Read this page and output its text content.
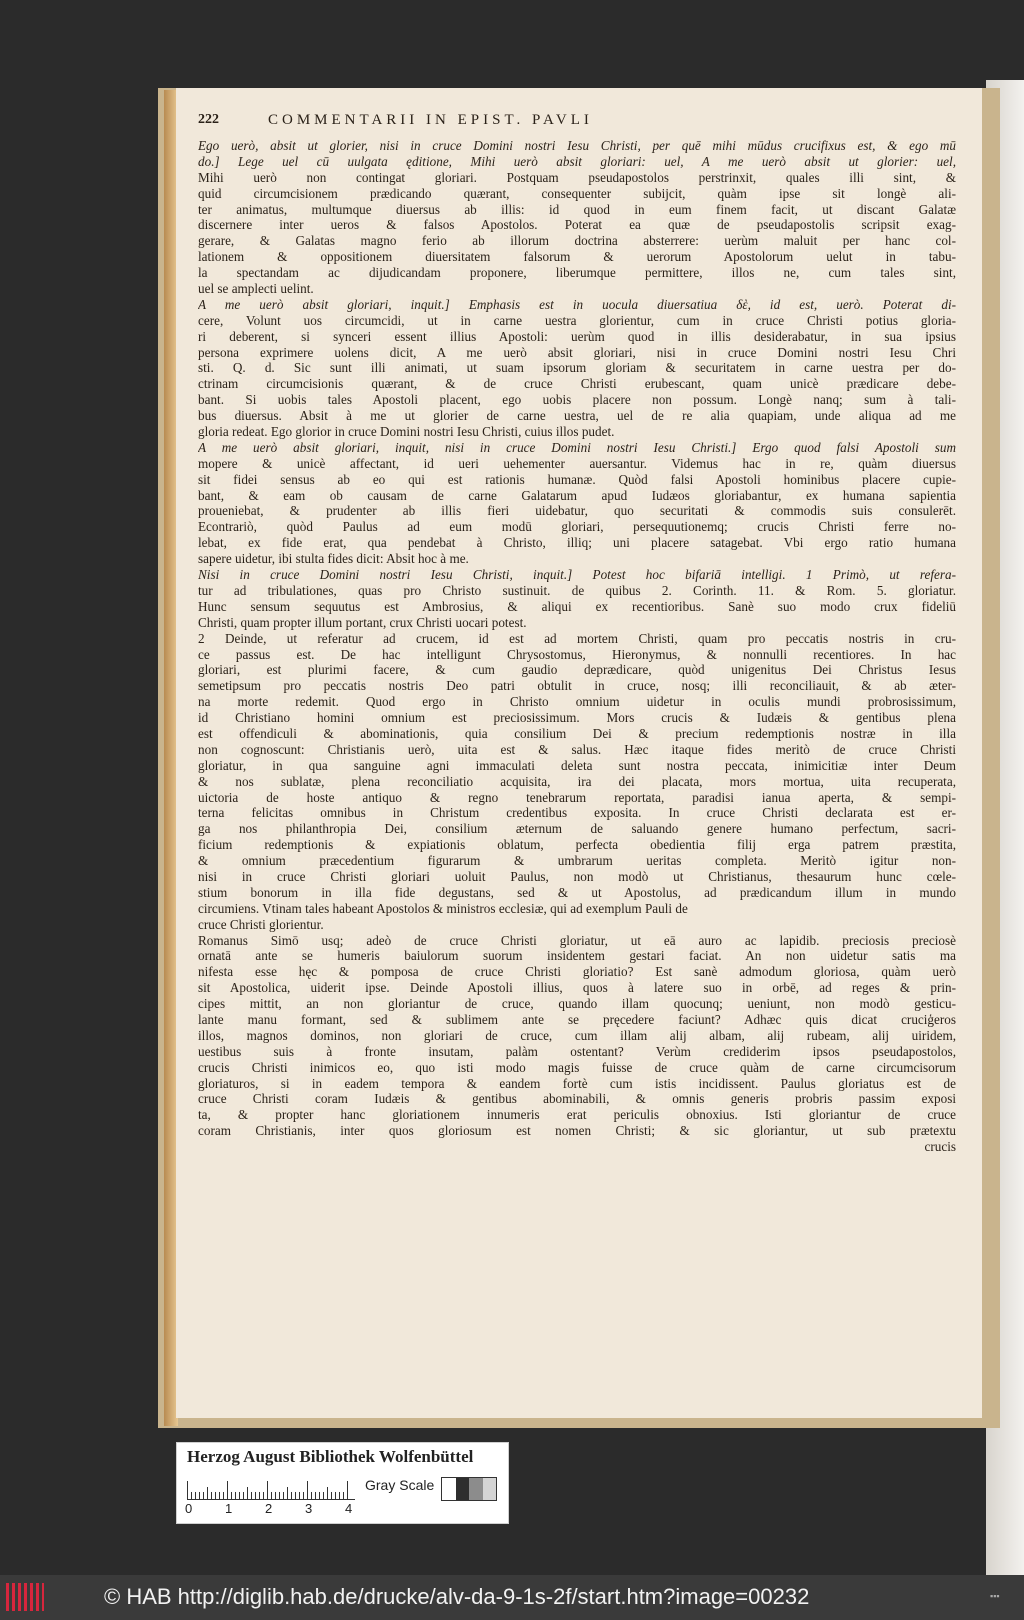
222	COMMENTARII IN EPIST. PAVLI
Ego uerò, absit ut glorier, nisi in cruce Domini nostri Iesu Christi, per quē mihi mūdus crucifixus est, & ego mū
do.] Lege uel cū uulgata ęditione, Mihi uerò absit gloriari: uel, A me uerò absit ut glorier: uel,
Mihi uerò non contingat gloriari. Postquam pseudapostolos perstrinxit, quales illi sint, &
quid circumcisionem prædicando quærant, consequenter subijcit, quàm ipse sit longè ali-
ter animatus, multumque diuersus ab illis: id quod in eum finem facit, ut discant Galatæ
discernere inter ueros & falsos Apostolos. Poterat ea quæ de pseudapostolis scripsit exag-
gerare, & Galatas magno ferio ab illorum doctrina absterrere: uerùm maluit per hanc col-
lationem & oppositionem diuersitatem falsorum & uerorum Apostolorum uelut in tabu-
la spectandam ac dijudicandam proponere, liberumque permittere, illos ne, cum tales sint,
uel se amplecti uelint.
A me uerò absit gloriari, inquit.] Emphasis est in uocula diuersatiua δὲ, id est, uerò. Poterat di-
cere, Volunt uos circumcidi, ut in carne uestra glorientur, cum in cruce Christi potius gloria-
ri deberent, si synceri essent illius Apostoli: uerùm quod in illis desiderabatur, in sua ipsius
persona exprimere uolens dicit, A me uerò absit gloriari, nisi in cruce Domini nostri Iesu Chri
sti. Q. d. Sic sunt illi animati, ut suam ipsorum gloriam & securitatem in carne uestra per do-
ctrinam circumcisionis quærant, & de cruce Christi erubescant, quam unicè prædicare debe-
bant. Si uobis tales Apostoli placent, ego uobis placere non possum. Longè nanq; sum à tali-
bus diuersus. Absit à me ut glorier de carne uestra, uel de re alia quapiam, unde aliqua ad me
gloria redeat. Ego glorior in cruce Domini nostri Iesu Christi, cuius illos pudet.
A me uerò absit gloriari, inquit, nisi in cruce Domini nostri Iesu Christi.] Ergo quod falsi Apostoli sum
mopere & unicè affectant, id ueri uehementer auersantur. Videmus hac in re, quàm diuersus
sit fidei sensus ab eo qui est rationis humanæ. Quòd falsi Apostoli hominibus placere cupie-
bant, & eam ob causam de carne Galatarum apud Iudæos gloriabantur, ex humana sapientia
proueniebat, & prudenter ab illis fieri uidebatur, quo securitati & commodis suis consulerēt.
Econtrariò, quòd Paulus ad eum modū gloriari, persequutionemq; crucis Christi ferre no-
lebat, ex fide erat, qua pendebat à Christo, illiq; uni placere satagebat. Vbi ergo ratio humana
sapere uidetur, ibi stulta fides dicit: Absit hoc à me.
Nisi in cruce Domini nostri Iesu Christi, inquit.] Potest hoc bifariā intelligi. 1 Primò, ut refera-
tur ad tribulationes, quas pro Christo sustinuit. de quibus 2. Corinth. 11. & Rom. 5. gloriatur.
Hunc sensum sequutus est Ambrosius, & aliqui ex recentioribus. Sanè suo modo crux fideliū
Christi, quam propter illum portant, crux Christi uocari potest.
2 Deinde, ut referatur ad crucem, id est ad mortem Christi, quam pro peccatis nostris in cru-
ce passus est. De hac intelligunt Chrysostomus, Hieronymus, & nonnulli recentiores. In hac
gloriari, est plurimi facere, & cum gaudio deprædicare, quòd unigenitus Dei Christus Iesus
semetipsum pro peccatis nostris Deo patri obtulit in cruce, nosq; illi reconciliauit, & ab æter-
na morte redemit. Quod ergo in Christo omnium uidetur in oculis mundi probrosissimum,
id Christiano homini omnium est preciosissimum. Mors crucis & Iudæis & gentibus plena
est offendiculi & abominationis, quia consilium Dei & precium redemptionis nostræ in illa
non cognoscunt: Christianis uerò, uita est & salus. Hæc itaque fides meritò de cruce Christi
gloriatur, in qua sanguine agni immaculati deleta sunt nostra peccata, inimicitiæ inter Deum
& nos sublatæ, plena reconciliatio acquisita, ira dei placata, mors mortua, uita recuperata,
uictoria de hoste antiquo & regno tenebrarum reportata, paradisi ianua aperta, & sempi-
terna felicitas omnibus in Christum credentibus exposita. In cruce Christi declarata est er-
ga nos philanthropia Dei, consilium æternum de saluando genere humano perfectum, sacri-
ficium redemptionis & expiationis oblatum, perfecta obedientia filij erga patrem præstita,
& omnium præcedentium figurarum & umbrarum ueritas completa. Meritò igitur non-
nisi in cruce Christi gloriari uoluit Paulus, non modò ut Christianus, thesaurum hunc cœle-
stium bonorum in illa fide degustans, sed & ut Apostolus, ad prædicandum illum in mundo
circumiens. Vtinam tales habeant Apostolos & ministros ecclesiæ, qui ad exemplum Pauli de
cruce Christi glorientur.
Romanus Simō usq; adeò de cruce Christi gloriatur, ut eā auro ac lapidib. preciosis preciosè
ornatā ante se humeris baiulorum suorum insidentem gestari faciat. An non uidetur satis ma
nifesta esse hęc & pomposa de cruce Christi gloriatio? Est sanè admodum gloriosa, quàm uerò
sit Apostolica, uiderit ipse. Deinde Apostoli illius, quos à latere suo in orbē, ad reges & prin-
cipes mittit, an non gloriantur de cruce, quando illam quocunq; ueniunt, non modò gesticu-
lante manu formant, sed & sublimem ante se pręcedere faciunt? Adhæc quis dicat cruciģeros
illos, magnos dominos, non gloriari de cruce, cum illam alij albam, alij rubeam, alij uiridem,
uestibus suis à fronte insutam, palàm ostentant? Verùm crediderim ipsos pseudapostolos,
crucis Christi inimicos eo, quo isti modo magis fuisse de cruce quàm de carne circumcisorum
gloriaturos, si in eadem tempora & eandem fortè cum istis incidissent. Paulus gloriatus est de
cruce Christi coram Iudæis & gentibus abominabili, & omnis generis probris passim exposi
ta, & propter hanc gloriationem innumeris erat periculis obnoxius. Isti gloriantur de cruce
coram Christianis, inter quos gloriosum est nomen Christi; & sic gloriantur, ut sub prætextu
crucis
Herzog August Bibliothek Wolfenbüttel
0	1	2	3	4
Gray Scale
© HAB http://diglib.hab.de/drucke/alv-da-9-1s-2f/start.htm?image=00232	▪▪▪
